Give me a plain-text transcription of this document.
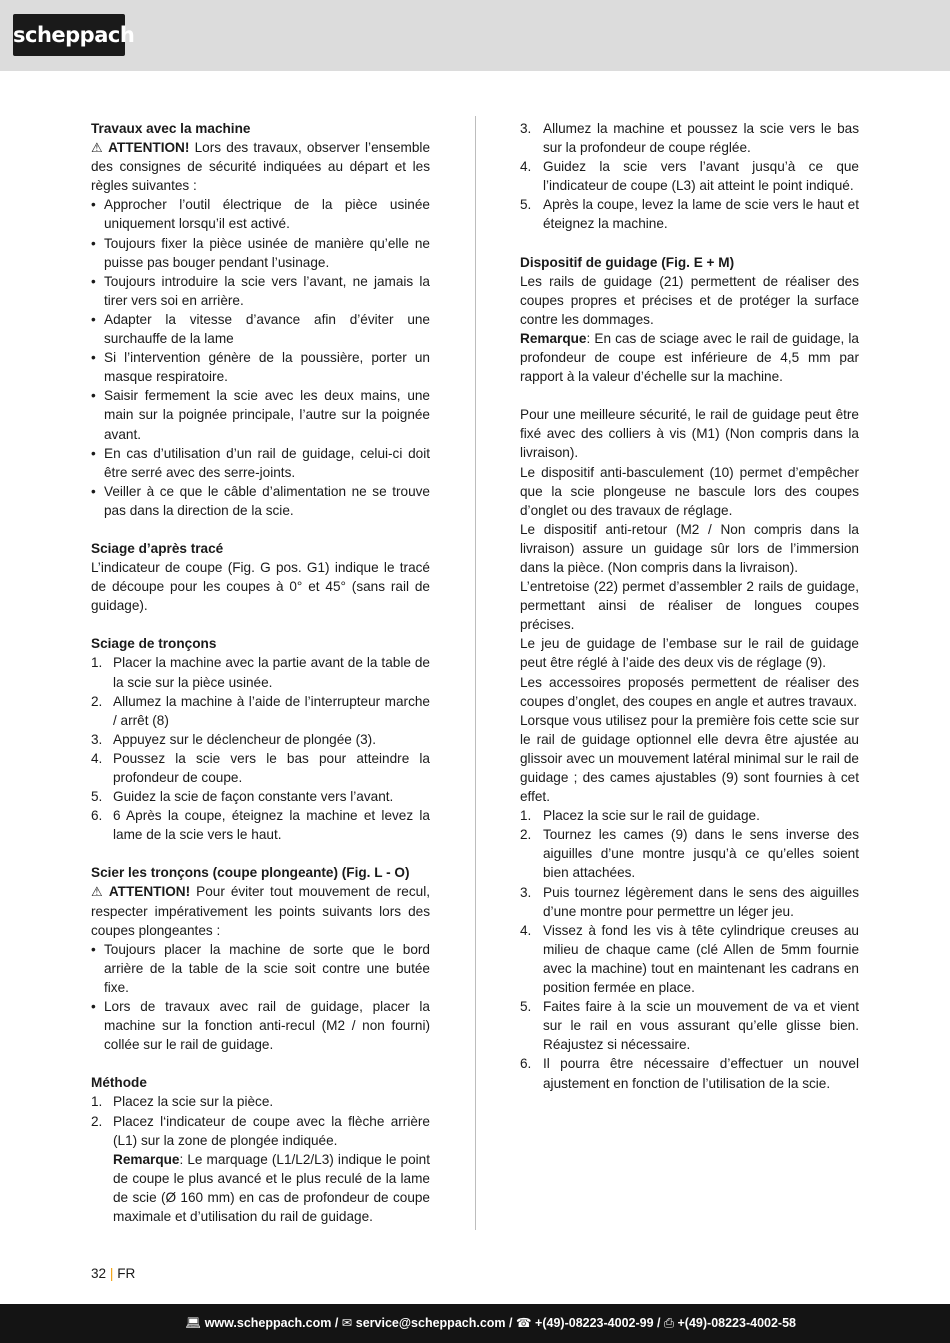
scheppach
Travaux avec la machine

⚠ ATTENTION! Lors des travaux, observer l’ensemble des consignes de sécurité indiquées au départ et les règles suivantes :

• Approcher l’outil électrique de la pièce usinée uniquement lorsqu’il est activé.
• Toujours fixer la pièce usinée de manière qu’elle ne puisse pas bouger pendant l’usinage.
• Toujours introduire la scie vers l’avant, ne jamais la tirer vers soi en arrière.
• Adapter la vitesse d’avance afin d’éviter une surchauffe de la lame
• Si l’intervention génère de la poussière, porter un masque respiratoire.
• Saisir fermement la scie avec les deux mains, une main sur la poignée principale, l’autre sur la poignée avant.
• En cas d’utilisation d’un rail de guidage, celui-ci doit être serré avec des serre-joints.
• Veiller à ce que le câble d’alimentation ne se trouve pas dans la direction de la scie.
Sciage d’après tracé

L’indicateur de coupe (Fig. G pos. G1) indique le tracé de découpe pour les coupes à 0° et 45° (sans rail de guidage).

Sciage de tronçons
1. Placer la machine avec la partie avant de la table de la scie sur la pièce usinée.
2. Allumez la machine à l’aide de l’interrupteur marche / arrêt (8)
3. Appuyez sur le déclencheur de plongée (3).
4. Poussez la scie vers le bas pour atteindre la profondeur de coupe.
5. Guidez la scie de façon constante vers l’avant.
6. 6 Après la coupe, éteignez la machine et levez la lame de la scie vers le haut.
Scier les tronçons (coupe plongeante) (Fig. L - O)

⚠ ATTENTION! Pour éviter tout mouvement de recul, respecter impérativement les points suivants lors des coupes plongeantes :

• Toujours placer la machine de sorte que le bord arrière de la table de la scie soit contre une butée fixe.
• Lors de travaux avec rail de guidage, placer la machine sur la fonction anti-recul (M2 / non fourni) collée sur le rail de guidage.
Méthode
1. Placez la scie sur la pièce.
2. Placez l‘indicateur de coupe avec la flèche arrière (L1) sur la zone de plongée indiquée.
Remarque: Le marquage (L1/L2/L3) indique le point de coupe le plus avancé et le plus reculé de la lame de scie (Ø 160 mm) en cas de profondeur de coupe maximale et d’utilisation du rail de guidage.
3. Allumez la machine et poussez la scie vers le bas sur la profondeur de coupe réglée.
4. Guidez la scie vers l’avant jusqu’à ce que l’indicateur de coupe (L3) ait atteint le point indiqué.
5. Après la coupe, levez la lame de scie vers le haut et éteignez la machine.
Dispositif de guidage (Fig. E + M)

Les rails de guidage (21) permettent de réaliser des coupes propres et précises et de protéger la surface contre les dommages.

Remarque: En cas de sciage avec le rail de guidage, la profondeur de coupe est inférieure de 4,5 mm par rapport à la valeur d’échelle sur la machine.

Pour une meilleure sécurité, le rail de guidage peut être fixé avec des colliers à vis (M1) (Non compris dans la livraison).

Le dispositif anti-basculement (10) permet d’empêcher que la scie plongeuse ne bascule lors des coupes d’onglet ou des travaux de réglage.

Le dispositif anti-retour (M2 / Non compris dans la livraison) assure un guidage sûr lors de l’immersion dans la pièce. (Non compris dans la livraison).

L’entretoise (22) permet d’assembler 2 rails de guidage, permettant ainsi de réaliser de longues coupes précises.

Le jeu de guidage de l’embase sur le rail de guidage peut être réglé à l’aide des deux vis de réglage (9).

Les accessoires proposés permettent de réaliser des coupes d’onglet, des coupes en angle et autres travaux.

Lorsque vous utilisez pour la première fois cette scie sur le rail de guidage optionnel elle devra être ajustée au glissoir avec un mouvement latéral minimal sur le rail de guidage ; des cames ajustables (9) sont fournies à cet effet.

1. Placez la scie sur le rail de guidage.
2. Tournez les cames (9) dans le sens inverse des aiguilles d’une montre jusqu’à ce qu’elles soient bien attachées.
3. Puis tournez légèrement dans le sens des aiguilles d’une montre pour permettre un léger jeu.
4. Vissez à fond les vis à tête cylindrique creuses au milieu de chaque came (clé Allen de 5mm fournie avec la machine) tout en maintenant les cadrans en position fermée en place.
5. Faites faire à la scie un mouvement de va et vient sur le rail en vous assurant qu’elle glisse bien. Réajustez si nécessaire.
6. Il pourra être nécessaire d’effectuer un nouvel ajustement en fonction de l’utilisation de la scie.
32 | FR
💻︎ www.scheppach.com / ✉ service@scheppach.com / ☎ +(49)-08223-4002-99 / ⎙ +(49)-08223-4002-58
